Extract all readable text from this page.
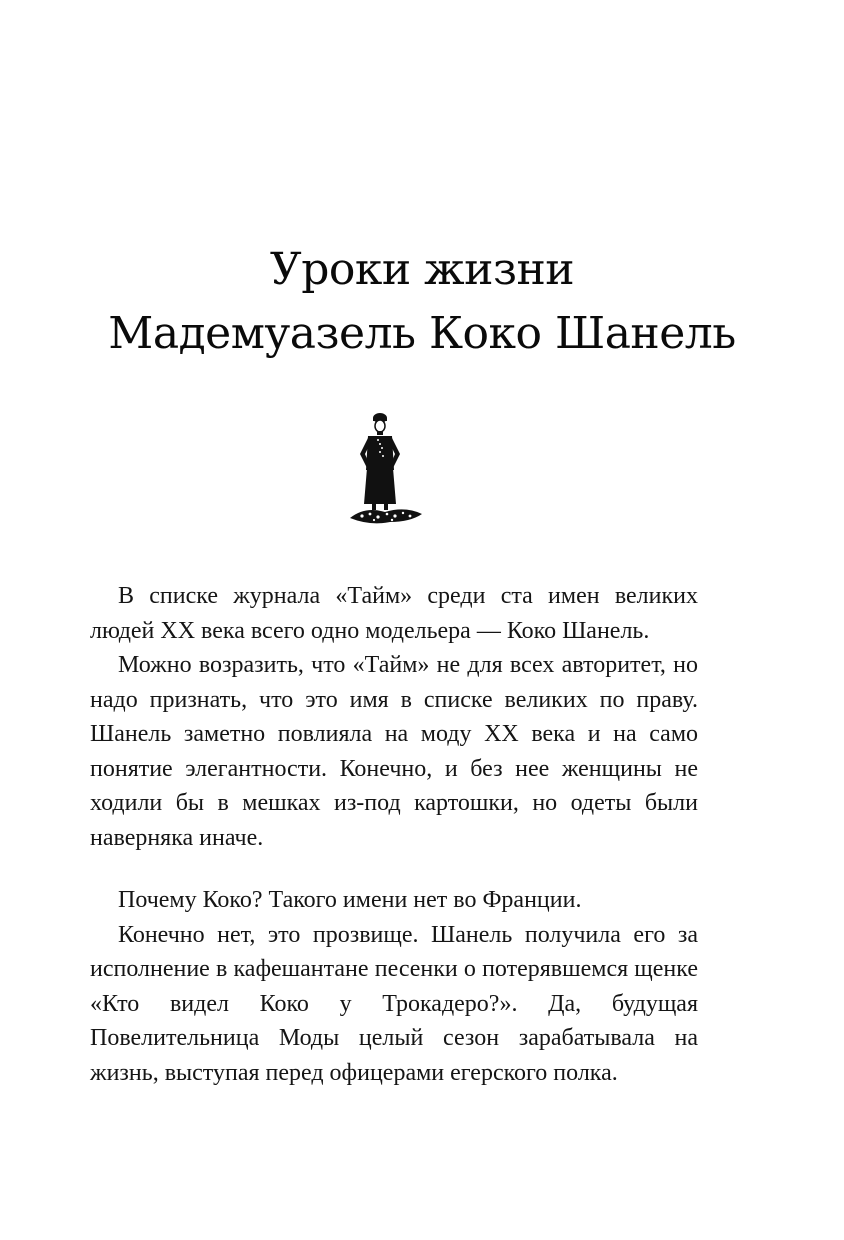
Уроки жизни
Мадемуазель Коко Шанель

В списке журнала «Тайм» среди ста имен великих людей XX века всего одно модельера — Коко Шанель.

Можно возразить, что «Тайм» не для всех авторитет, но надо признать, что это имя в списке великих по праву. Шанель заметно повлияла на моду XX века и на само понятие элегантности. Конечно, и без нее женщины не ходили бы в мешках из-под картошки, но одеты были наверняка иначе.

Почему Коко? Такого имени нет во Франции.

Конечно нет, это прозвище. Шанель получила его за исполнение в кафешантане песенки о потерявшемся щенке «Кто видел Коко у Трокадеро?». Да, будущая Повелительница Моды целый сезон зарабатывала на жизнь, выступая перед офицерами егерского полка.
